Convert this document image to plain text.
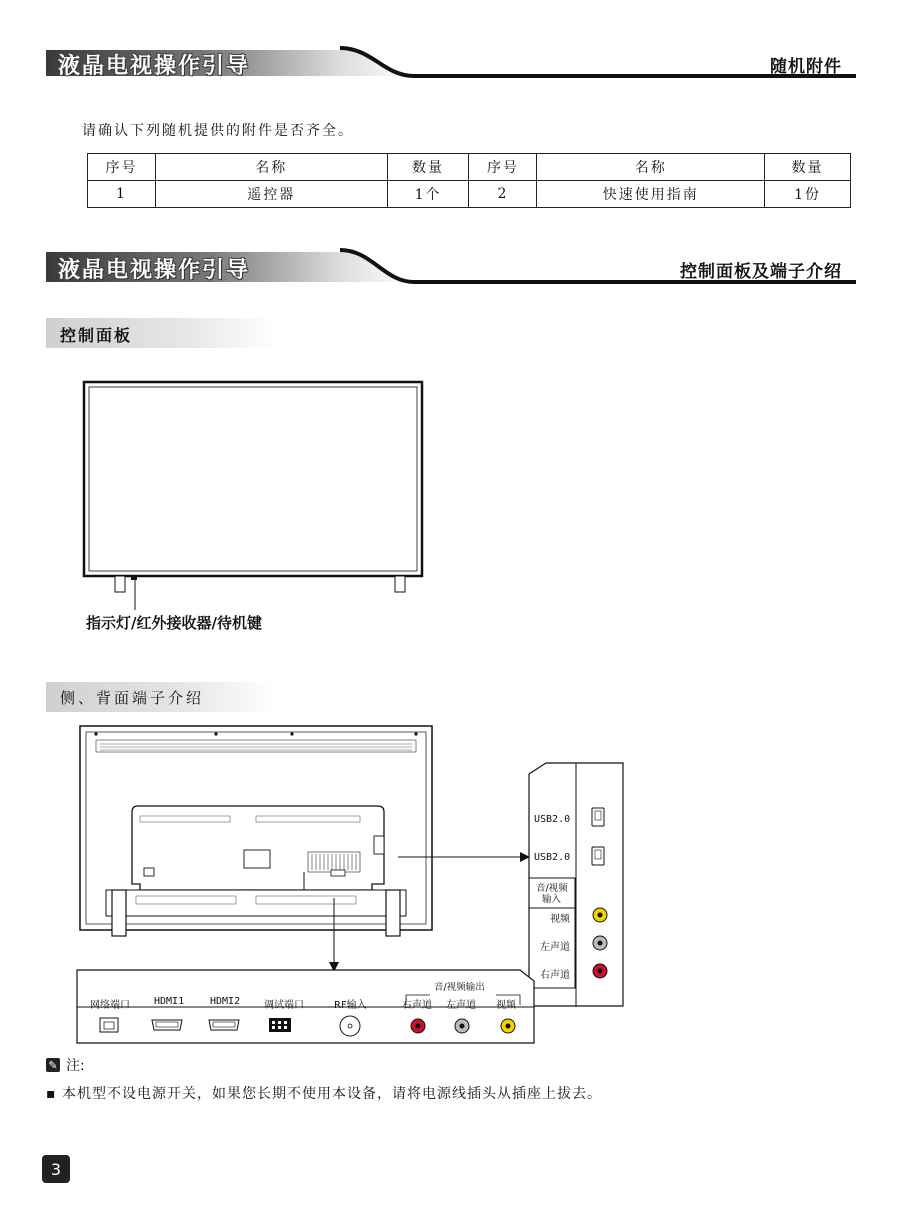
液晶电视操作引导	随机附件
请确认下列随机提供的附件是否齐全。
序号	名称	数量	序号	名称	数量
1	遥控器	1个	2	快速使用指南	1份
液晶电视操作引导	控制面板及端子介绍
控制面板
指示灯/红外接收器/待机键
侧、背面端子介绍
USB2.0
USB2.0
音/视频
输入
视频
左声道
右声道
网络端口 HDMI1	HDMI2 调试端口	RF输入
音/视频输出
右声道 左声道 视频
✎ 注:
▪ 本机型不设电源开关，如果您长期不使用本设备，请将电源线插头从插座上拔去。
3
